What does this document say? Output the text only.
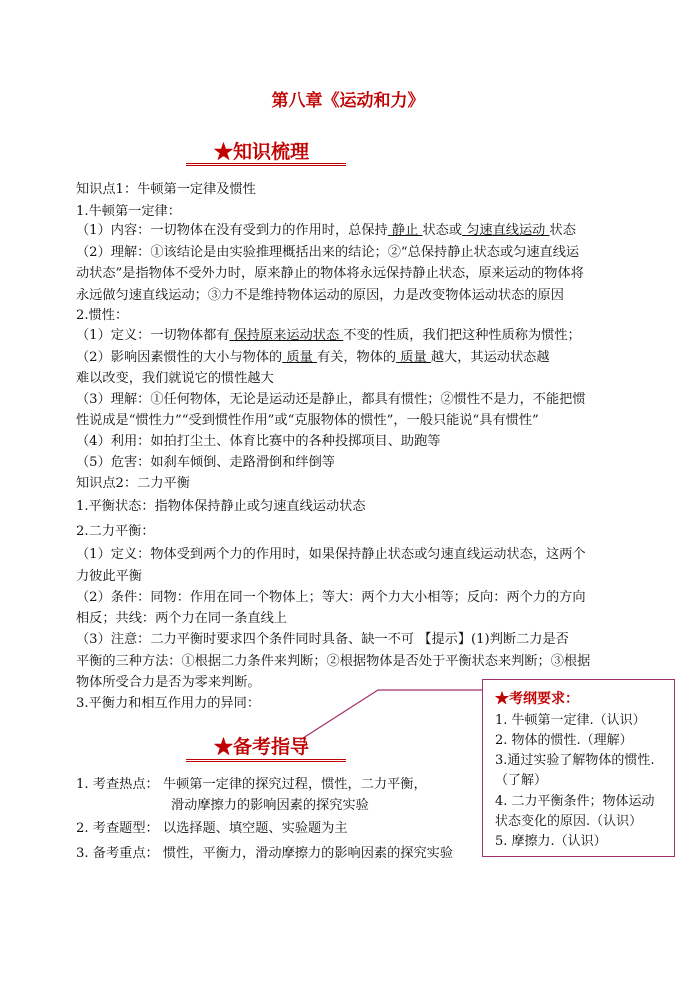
第八章《运动和力》
★知识梳理
知识点1：牛顿第一定律及惯性
1.牛顿第一定律：
（1）内容：一切物体在没有受到力的作用时，总保持 静止 状态或 匀速直线运动 状态
（2）理解：①该结论是由实验推理概括出来的结论；②“总保持静止状态或匀速直线运
动状态”是指物体不受外力时，原来静止的物体将永远保持静止状态，原来运动的物体将
永远做匀速直线运动；③力不是维持物体运动的原因，力是改变物体运动状态的原因
2.惯性：
（1）定义：一切物体都有 保持原来运动状态 不变的性质，我们把这种性质称为惯性；
（2）影响因素惯性的大小与物体的 质量 有关，物体的 质量 越大，其运动状态越
难以改变，我们就说它的惯性越大
（3）理解：①任何物体，无论是运动还是静止，都具有惯性；②惯性不是力，不能把惯
性说成是“惯性力”“受到惯性作用”或“克服物体的惯性”，一般只能说“具有惯性”
（4）利用：如拍打尘土、体育比赛中的各种投掷项目、助跑等
（5）危害：如刹车倾倒、走路滑倒和绊倒等
知识点2：二力平衡
1.平衡状态：指物体保持静止或匀速直线运动状态
2.二力平衡：
（1）定义：物体受到两个力的作用时，如果保持静止状态或匀速直线运动状态，这两个
力彼此平衡
（2）条件：同物：作用在同一个物体上；等大：两个力大小相等；反向：两个力的方向
相反；共线：两个力在同一条直线上
（3）注意：二力平衡时要求四个条件同时具备、缺一不可 【提示】(1)判断二力是否
平衡的三种方法：①根据二力条件来判断；②根据物体是否处于平衡状态来判断；③根据
物体所受合力是否为零来判断。
3.平衡力和相互作用力的异同：
★备考指导
1. 考查热点： 牛顿第一定律的探究过程，惯性，二力平衡，
滑动摩擦力的影响因素的探究实验
2. 考查题型： 以选择题、填空题、实验题为主
3. 备考重点： 惯性，平衡力，滑动摩擦力的影响因素的探究实验
★考纲要求：
1. 牛顿第一定律.（认识）
2. 物体的惯性.（理解）
3.通过实验了解物体的惯性.
（了解）
4. 二力平衡条件；物体运动
状态变化的原因.（认识）
5. 摩擦力.（认识）
